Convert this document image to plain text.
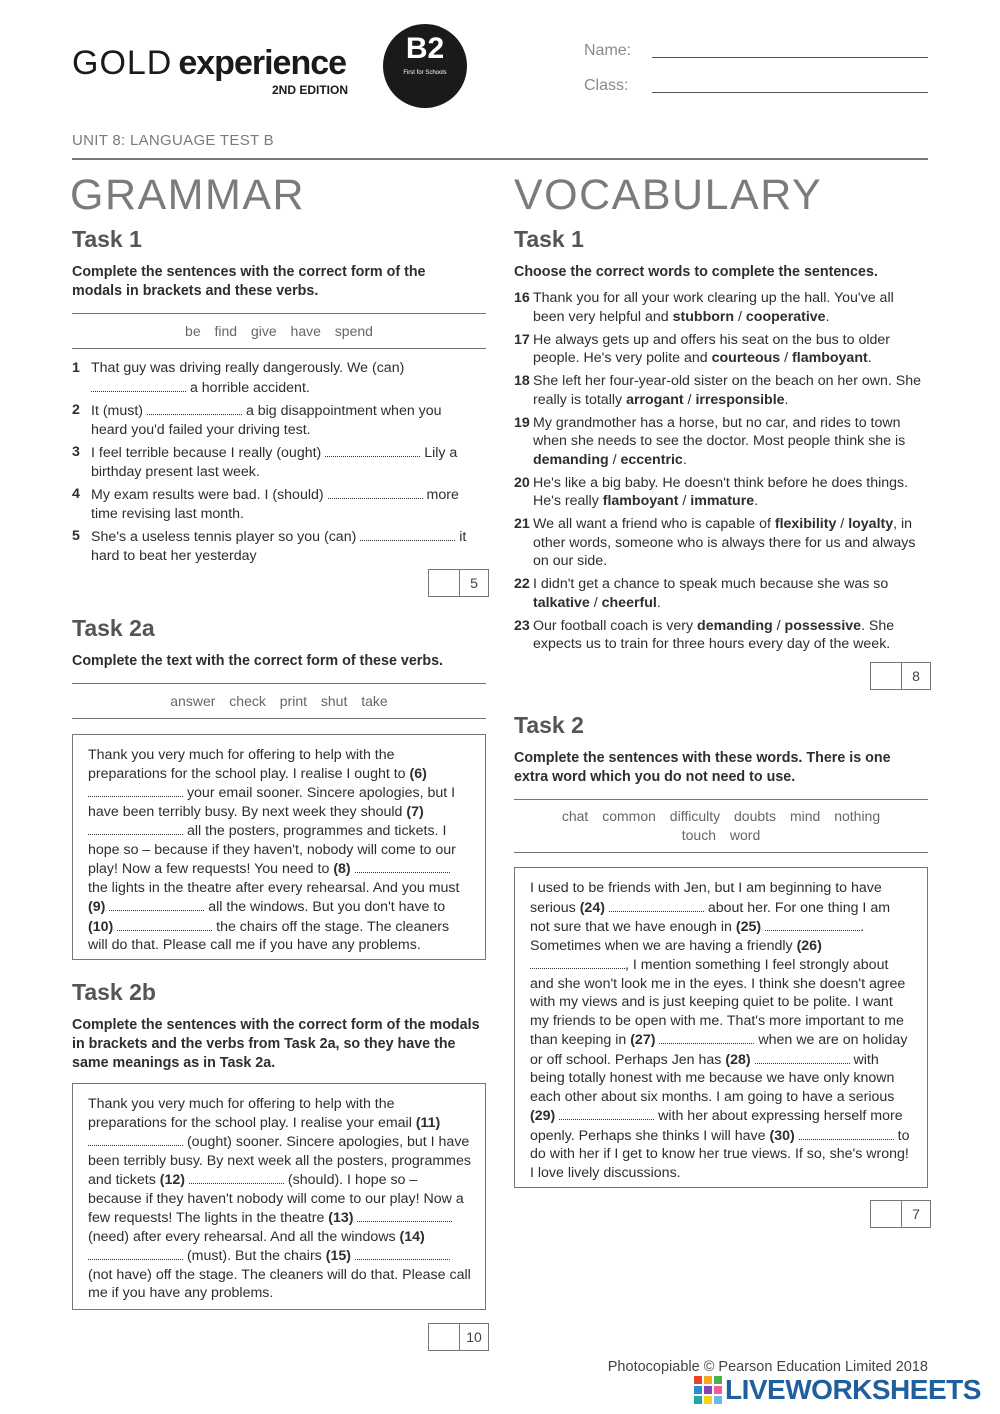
GOLD experience
2ND EDITION
B2
First for Schools
Name:
Class:
UNIT 8: LANGUAGE TEST B
GRAMMAR
Task 1
Complete the sentences with the correct form of the modals in brackets and these verbs.
be find give have spend
1 That guy was driving really dangerously. We (can)  a horrible accident.
2 It (must)	a big disappointment when you heard you'd failed your driving test.
3 I feel terrible because I really (ought)	Lily a birthday present last week.
4 My exam results were bad. I (should)	more time revising last month.
5 She's a useless tennis player so you (can)	it hard to beat her yesterday
5
Task 2a
Complete the text with the correct form of these verbs.
answer check print shut take
Thank you very much for offering to help with the preparations for the school play. I realise I ought to (6)  your email sooner. Sincere apologies, but I have been terribly busy. By next week they should (7)  all the posters, programmes and tickets. I hope so – because if they haven't, nobody will come to our play! Now a few requests! You need to (8)  the lights in the theatre after every rehearsal. And you must (9)	all the windows. But you don't have to (10)	the chairs off the stage. The cleaners will do that. Please call me if you have any problems.
Task 2b
Complete the sentences with the correct form of the modals in brackets and the verbs from Task 2a, so they have the same meanings as in Task 2a.
Thank you very much for offering to help with the preparations for the school play. I realise your email (11)  (ought) sooner. Sincere apologies, but I have been terribly busy. By next week all the posters, programmes and tickets (12)	(should). I hope so – because if they haven't nobody will come to our play! Now a few requests! The lights in the theatre (13)  (need) after every rehearsal. And all the windows (14)  (must). But the chairs (15)  (not have) off the stage. The cleaners will do that. Please call me if you have any problems.
10
VOCABULARY
Task 1
Choose the correct words to complete the sentences.
16 Thank you for all your work clearing up the hall. You've all been very helpful and stubborn / cooperative.
17 He always gets up and offers his seat on the bus to older people. He's very polite and courteous / flamboyant.
18 She left her four-year-old sister on the beach on her own. She really is totally arrogant / irresponsible.
19 My grandmother has a horse, but no car, and rides to town when she needs to see the doctor. Most people think she is demanding / eccentric.
20 He's like a big baby. He doesn't think before he does things. He's really flamboyant / immature.
21 We all want a friend who is capable of flexibility / loyalty, in other words, someone who is always there for us and always on our side.
22 I didn't get a chance to speak much because she was so talkative / cheerful.
23 Our football coach is very demanding / possessive. She expects us to train for three hours every day of the week.
8
Task 2
Complete the sentences with these words. There is one extra word which you do not need to use.
chat common difficulty doubts mind nothing touch word
I used to be friends with Jen, but I am beginning to have serious (24)	about her. For one thing I am not sure that we have enough in (25)	. Sometimes when we are having a friendly (26) , I mention something I feel strongly about and she won't look me in the eyes. I think she doesn't agree with my views and is just keeping quiet to be polite. I want my friends to be open with me. That's more important to me than keeping in (27)	when we are on holiday or off school. Perhaps Jen has (28)	with being totally honest with me because we have only known each other about six months. I am going to have a serious (29)	with her about expressing herself more openly. Perhaps she thinks I will have (30)	to do with her if I get to know her true views. If so, she's wrong! I love lively discussions.
7
Photocopiable © Pearson Education Limited 2018
LIVEWORKSHEETS
